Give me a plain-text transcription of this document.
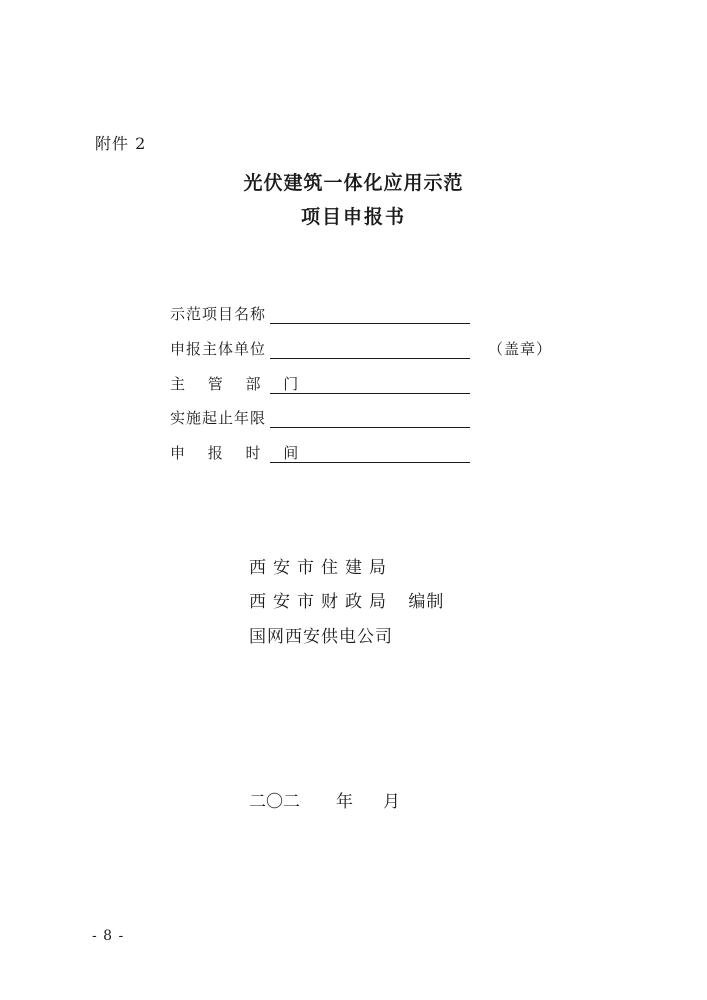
附件 2
光伏建筑一体化应用示范
项目申报书
示范项目名称
申报主体单位	（盖章）
主 管 部 门
实施起止年限
申 报 时 间
西安市住建局
西安市财政局 编制
国网西安供电公司
二〇二 年 月
- 8 -
